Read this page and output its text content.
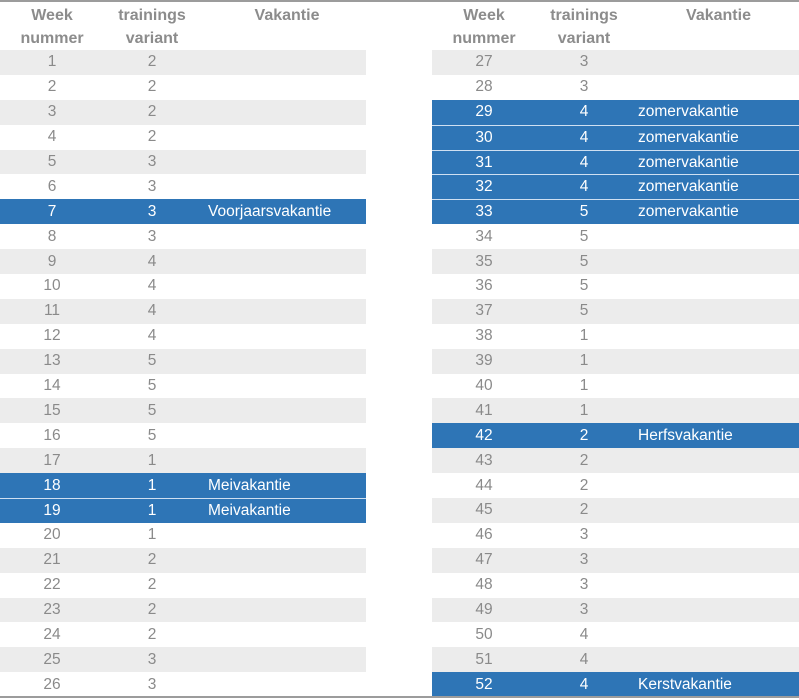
Week
nummer
trainings
variant
Vakantie
1	2
2	2
3	2
4	2
5	3
6	3
7	3	Voorjaarsvakantie
8	3
9	4
10	4
11	4
12	4
13	5
14	5
15	5
16	5
17	1
18	1	Meivakantie
19	1	Meivakantie
20	1
21	2
22	2
23	2
24	2
25	3
26	3
Week
nummer
trainings
variant
Vakantie
27	3
28	3
29	4	zomervakantie
30	4	zomervakantie
31	4	zomervakantie
32	4	zomervakantie
33	5	zomervakantie
34	5
35	5
36	5
37	5
38	1
39	1
40	1
41	1
42	2	Herfsvakantie
43	2
44	2
45	2
46	3
47	3
48	3
49	3
50	4
51	4
52	4	Kerstvakantie
